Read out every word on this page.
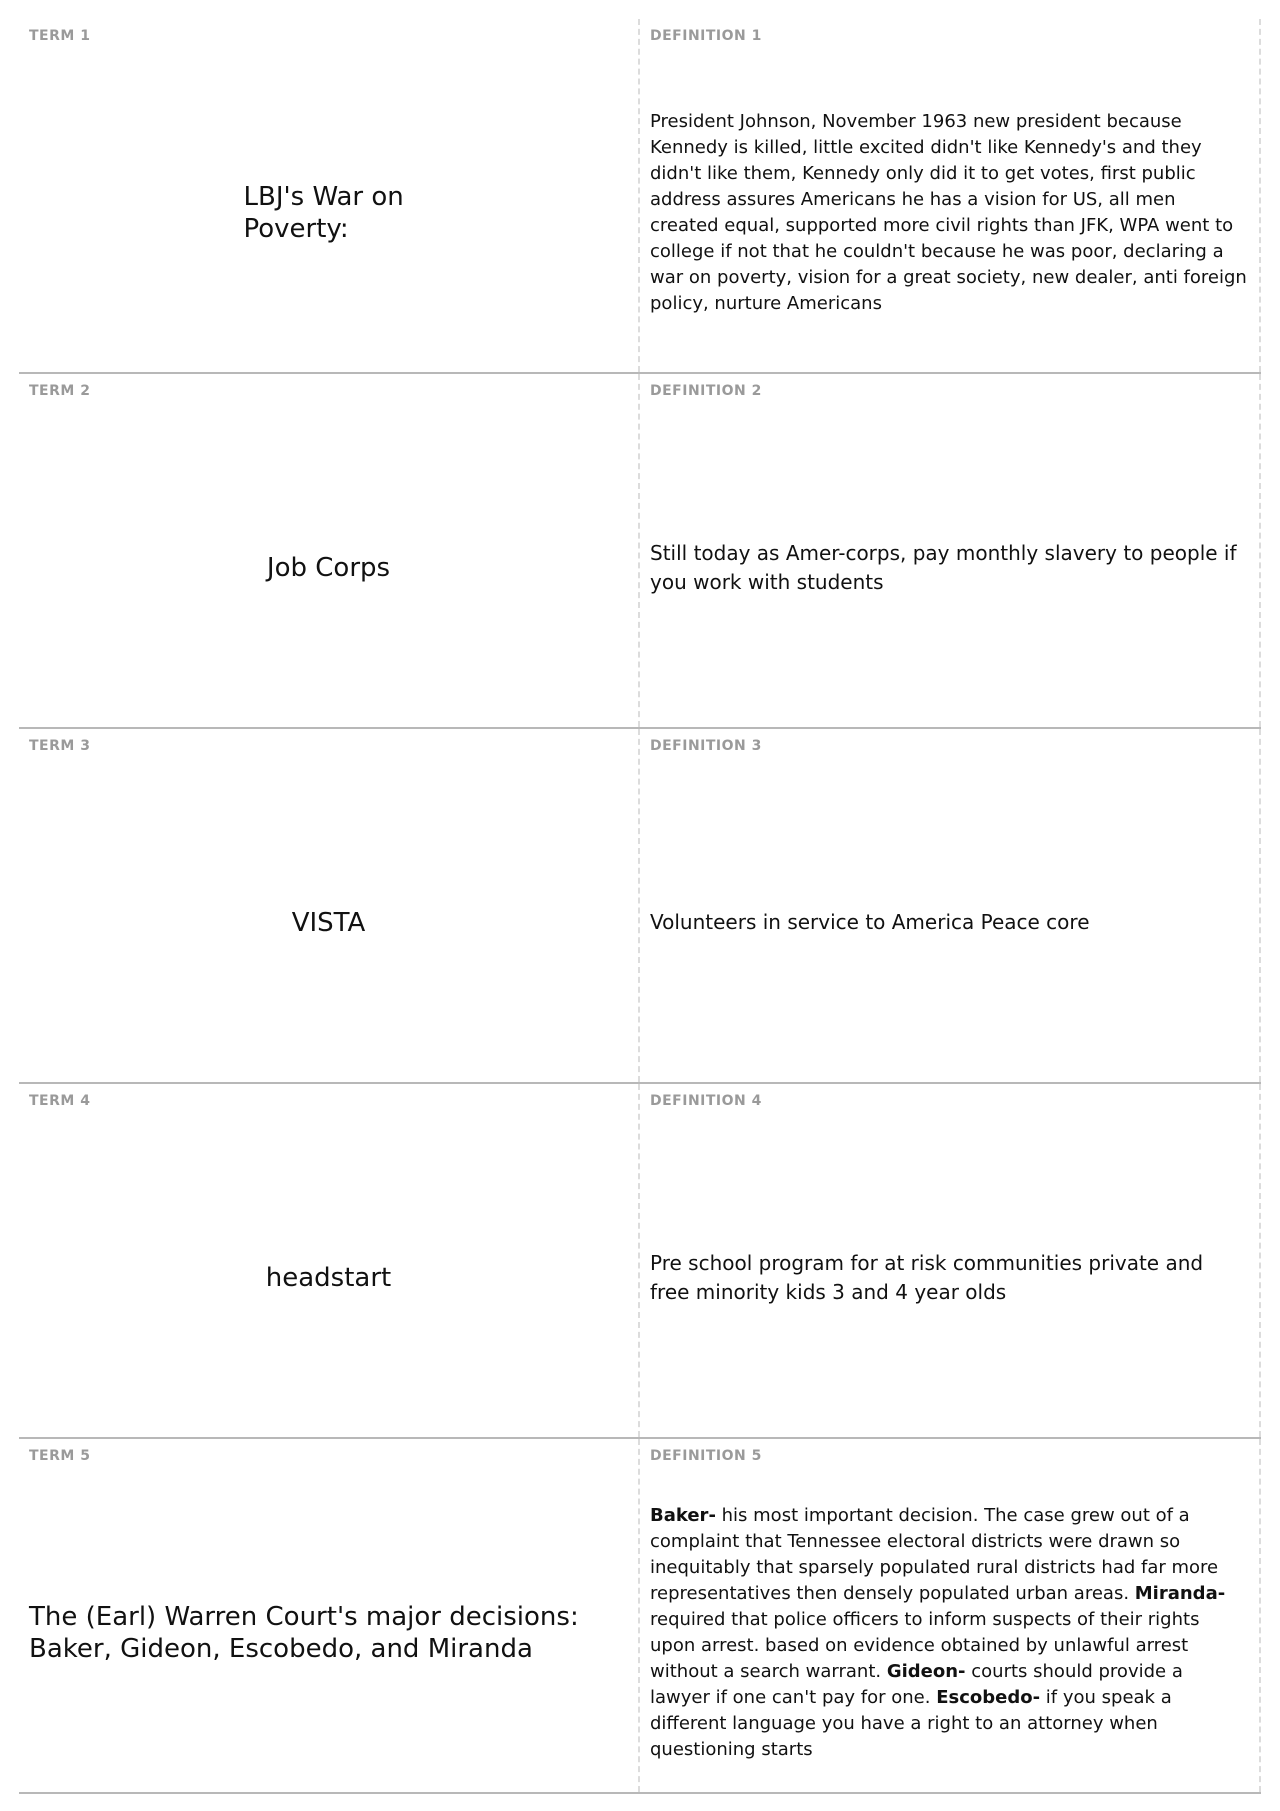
TERM 1
LBJ's War on Poverty:
DEFINITION 1
President Johnson, November 1963 new president because Kennedy is killed, little excited didn't like Kennedy's and they didn't like them, Kennedy only did it to get votes, first public address assures Americans he has a vision for US, all men created equal, supported more civil rights than JFK, WPA went to college if not that he couldn't because he was poor, declaring a war on poverty, vision for a great society, new dealer, anti foreign policy, nurture Americans
TERM 2
Job Corps
DEFINITION 2
Still today as Amer-corps, pay monthly slavery to people if you work with students
TERM 3
VISTA
DEFINITION 3
Volunteers in service to America Peace core
TERM 4
headstart
DEFINITION 4
Pre school program for at risk communities private and free minority kids 3 and 4 year olds
TERM 5
The (Earl) Warren Court's major decisions: Baker, Gideon, Escobedo, and Miranda
DEFINITION 5
Baker- his most important decision. The case grew out of a complaint that Tennessee electoral districts were drawn so inequitably that sparsely populated rural districts had far more representatives then densely populated urban areas. Miranda- required that police officers to inform suspects of their rights upon arrest. based on evidence obtained by unlawful arrest without a search warrant. Gideon- courts should provide a lawyer if one can't pay for one. Escobedo- if you speak a different language you have a right to an attorney when questioning starts
